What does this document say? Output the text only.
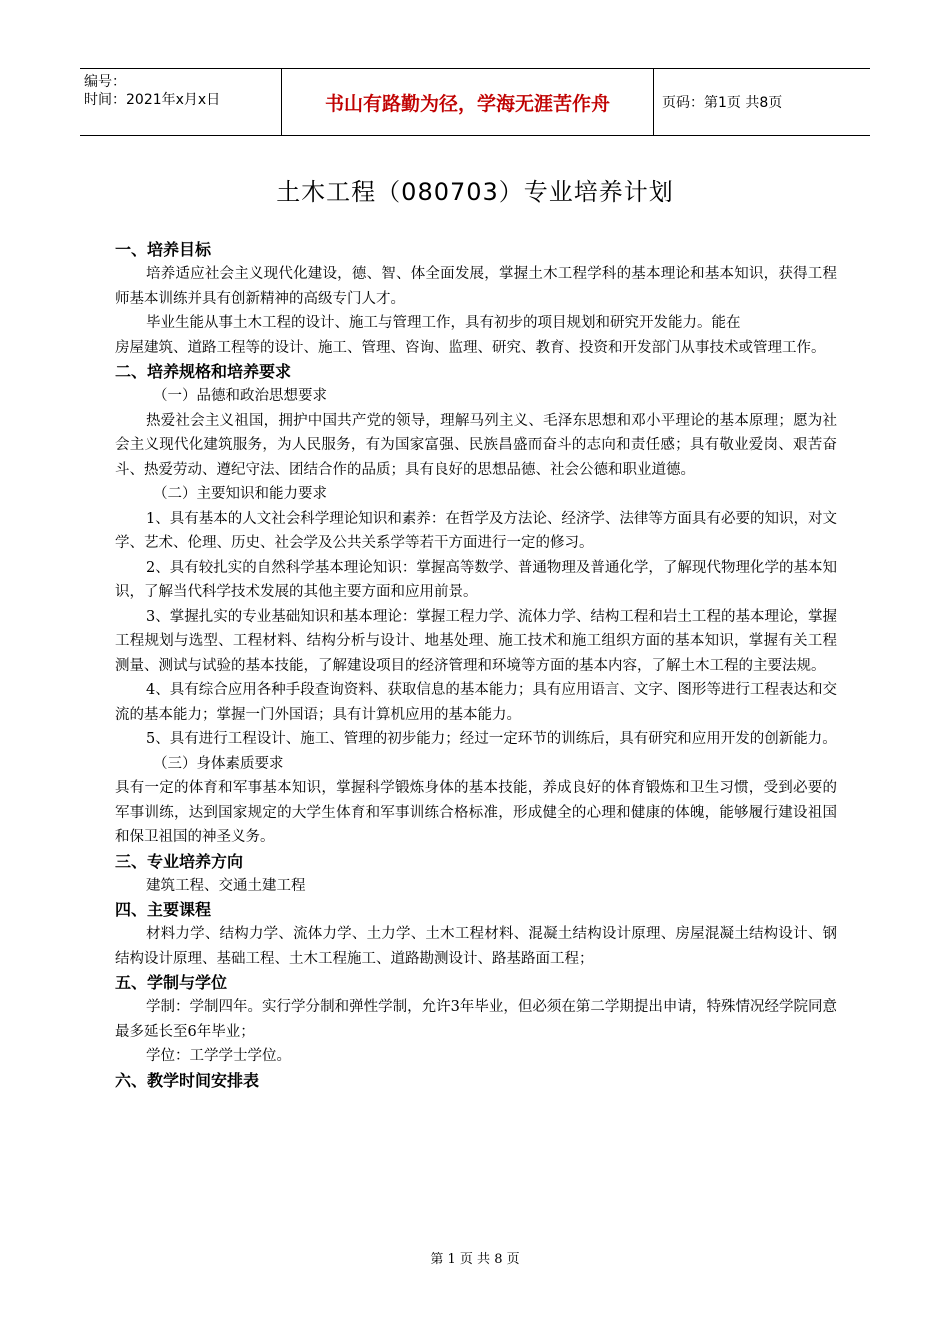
编号：
时间：2021年x月x日	书山有路勤为径，学海无涯苦作舟	页码：第1页 共8页
土木工程（080703）专业培养计划

一、培养目标

培养适应社会主义现代化建设，德、智、体全面发展，掌握土木工程学科的基本理论和基本知识，获得工程师基本训练并具有创新精神的高级专门人才。

毕业生能从事土木工程的设计、施工与管理工作，具有初步的项目规划和研究开发能力。能在

房屋建筑、道路工程等的设计、施工、管理、咨询、监理、研究、教育、投资和开发部门从事技术或管理工作。

二、培养规格和培养要求

（一）品德和政治思想要求

热爱社会主义祖国，拥护中国共产党的领导，理解马列主义、毛泽东思想和邓小平理论的基本原理；愿为社会主义现代化建筑服务，为人民服务，有为国家富强、民族昌盛而奋斗的志向和责任感；具有敬业爱岗、艰苦奋斗、热爱劳动、遵纪守法、团结合作的品质；具有良好的思想品德、社会公德和职业道德。

（二）主要知识和能力要求

1、具有基本的人文社会科学理论知识和素养：在哲学及方法论、经济学、法律等方面具有必要的知识，对文学、艺术、伦理、历史、社会学及公共关系学等若干方面进行一定的修习。

2、具有较扎实的自然科学基本理论知识：掌握高等数学、普通物理及普通化学，了解现代物理化学的基本知识，了解当代科学技术发展的其他主要方面和应用前景。

3、掌握扎实的专业基础知识和基本理论：掌握工程力学、流体力学、结构工程和岩土工程的基本理论，掌握工程规划与选型、工程材料、结构分析与设计、地基处理、施工技术和施工组织方面的基本知识，掌握有关工程测量、测试与试验的基本技能，了解建设项目的经济管理和环境等方面的基本内容，了解土木工程的主要法规。

4、具有综合应用各种手段查询资料、获取信息的基本能力；具有应用语言、文字、图形等进行工程表达和交流的基本能力；掌握一门外国语；具有计算机应用的基本能力。

5、具有进行工程设计、施工、管理的初步能力；经过一定环节的训练后，具有研究和应用开发的创新能力。

（三）身体素质要求

具有一定的体育和军事基本知识，掌握科学锻炼身体的基本技能，养成良好的体育锻炼和卫生习惯，受到必要的军事训练，达到国家规定的大学生体育和军事训练合格标准，形成健全的心理和健康的体魄，能够履行建设祖国和保卫祖国的神圣义务。

三、专业培养方向

建筑工程、交通土建工程

四、主要课程

材料力学、结构力学、流体力学、土力学、土木工程材料、混凝土结构设计原理、房屋混凝土结构设计、钢结构设计原理、基础工程、土木工程施工、道路勘测设计、路基路面工程；

五、学制与学位

学制：学制四年。实行学分制和弹性学制，允许3年毕业，但必须在第二学期提出申请，特殊情况经学院同意最多延长至6年毕业；

学位：工学学士学位。

六、教学时间安排表

第 1 页 共 8 页
